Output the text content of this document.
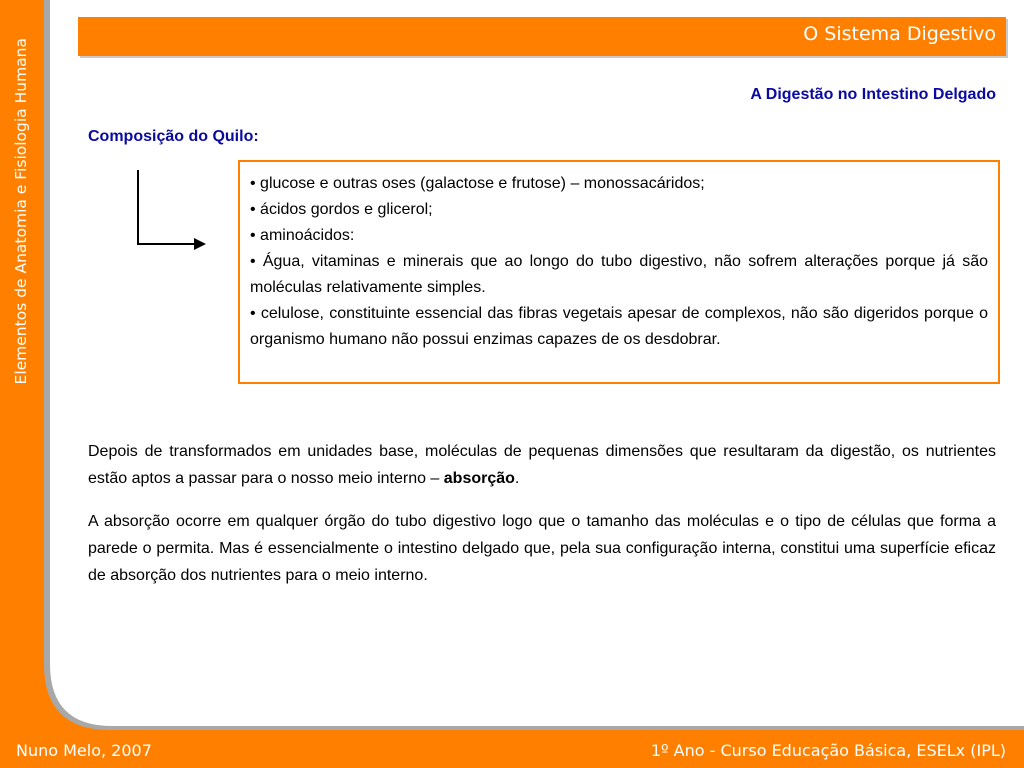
Elementos de Anatomia e Fisiologia Humana
O Sistema Digestivo
A Digestão no Intestino Delgado
Composição do Quilo:
• glucose e outras oses (galactose e frutose) – monossacáridos;
• ácidos gordos e glicerol;
• aminoácidos:
• Água, vitaminas e minerais que ao longo do tubo digestivo, não sofrem alterações porque já são moléculas relativamente simples.
• celulose, constituinte essencial das fibras vegetais apesar de complexos, não são digeridos porque o organismo humano não possui enzimas capazes de os desdobrar.

Depois de transformados em unidades base, moléculas de pequenas dimensões que resultaram da digestão, os nutrientes estão aptos a passar para o nosso meio interno – absorção.

A absorção ocorre em qualquer órgão do tubo digestivo logo que o tamanho das moléculas e o tipo de células que forma a parede o permita. Mas é essencialmente o intestino delgado que, pela sua configuração interna, constitui uma superfície eficaz de absorção dos nutrientes para o meio interno.

Nuno Melo, 2007	1º Ano - Curso Educação Básica, ESELx (IPL)
